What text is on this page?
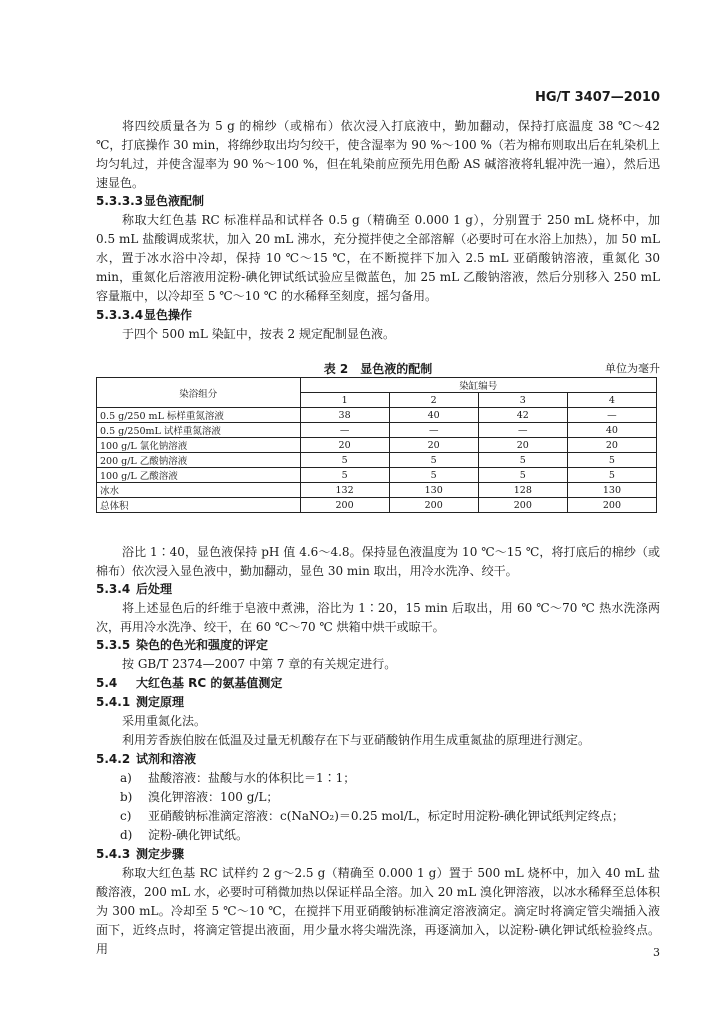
HG/T 3407—2010
将四绞质量各为 5 g 的棉纱（或棉布）依次浸入打底液中，勤加翻动，保持打底温度 38 ℃～42 ℃，打底操作 30 min，将绵纱取出均匀绞干，使含湿率为 90 %～100 %（若为棉布则取出后在轧染机上均匀轧过，并使含湿率为 90 %～100 %，但在轧染前应预先用色酚 AS 碱溶液将轧辊冲洗一遍），然后迅速显色。
5.3.3.3显色液配制
称取大红色基 RC 标准样品和试样各 0.5 g（精确至 0.000 1 g），分别置于 250 mL 烧杯中，加 0.5 mL 盐酸调成浆状，加入 20 mL 沸水，充分搅拌使之全部溶解（必要时可在水浴上加热），加 50 mL 水，置于冰水浴中冷却，保持 10 ℃～15 ℃，在不断搅拌下加入 2.5 mL 亚硝酸钠溶液，重氮化 30 min，重氮化后溶液用淀粉-碘化钾试纸试验应呈微蓝色，加 25 mL 乙酸钠溶液，然后分别移入 250 mL 容量瓶中，以冷却至 5 ℃～10 ℃ 的水稀释至刻度，摇匀备用。
5.3.3.4显色操作
于四个 500 mL 染缸中，按表 2 规定配制显色液。
表 2　显色液的配制	单位为毫升
染浴组分	染缸编号			
	1	2	3	4
0.5 g/250 mL 标样重氮溶液	38	40	42	—
0.5 g/250mL 试样重氮溶液	—	—	—	40
100 g/L 氯化钠溶液	20	20	20	20
200 g/L 乙酸钠溶液	5	5	5	5
100 g/L 乙酸溶液	5	5	5	5
冰水	132	130	128	130
总体积	200	200	200	200
浴比 1∶40，显色液保持 pH 值 4.6～4.8。保持显色液温度为 10 ℃～15 ℃，将打底后的棉纱（或棉布）依次浸入显色液中，勤加翻动，显色 30 min 取出，用冷水洗净、绞干。
5.3.4 后处理
将上述显色后的纤维于皂液中煮沸，浴比为 1∶20，15 min 后取出，用 60 ℃～70 ℃ 热水洗涤两次，再用冷水洗净、绞干，在 60 ℃～70 ℃ 烘箱中烘干或晾干。
5.3.5 染色的色光和强度的评定
按 GB/T 2374—2007 中第 7 章的有关规定进行。
5.4 大红色基 RC 的氨基值测定
5.4.1 测定原理
采用重氮化法。
利用芳香族伯胺在低温及过量无机酸存在下与亚硝酸钠作用生成重氮盐的原理进行测定。
5.4.2 试剂和溶液
a) 盐酸溶液：盐酸与水的体积比＝1∶1；
b) 溴化钾溶液：100 g/L；
c) 亚硝酸钠标准滴定溶液：c(NaNO₂)＝0.25 mol/L，标定时用淀粉-碘化钾试纸判定终点；
d) 淀粉-碘化钾试纸。
5.4.3 测定步骤
称取大红色基 RC 试样约 2 g～2.5 g（精确至 0.000 1 g）置于 500 mL 烧杯中，加入 40 mL 盐酸溶液，200 mL 水，必要时可稍微加热以保证样品全溶。加入 20 mL 溴化钾溶液，以冰水稀释至总体积为 300 mL。冷却至 5 ℃～10 ℃，在搅拌下用亚硝酸钠标准滴定溶液滴定。滴定时将滴定管尖端插入液面下，近终点时，将滴定管提出液面，用少量水将尖端洗涤，再逐滴加入，以淀粉-碘化钾试纸检验终点。用	3
